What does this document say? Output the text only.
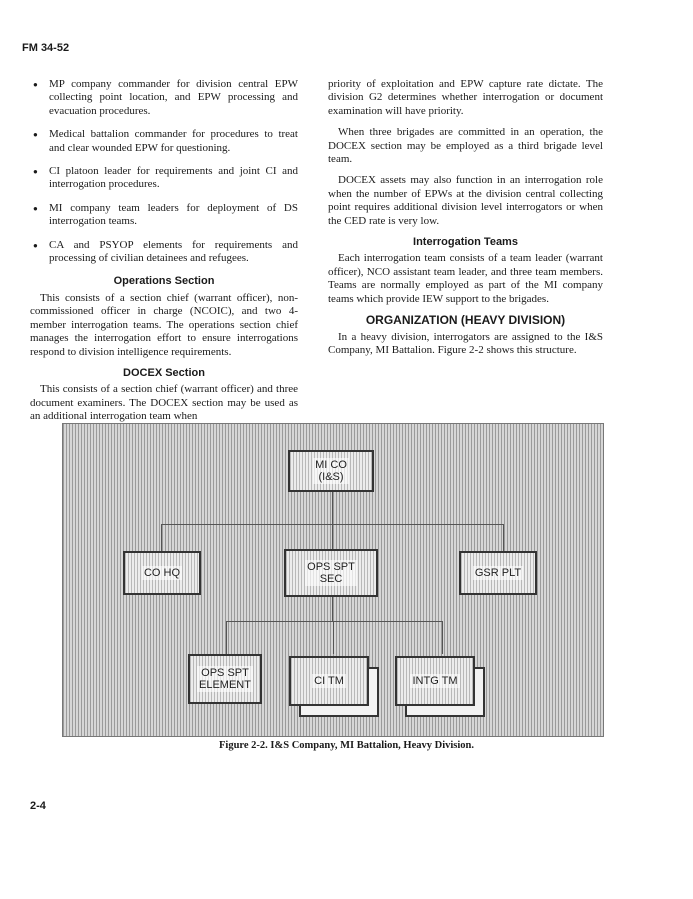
FM 34-52
● MP company commander for division central EPW collecting point location, and EPW processing and evacuation procedures.
● Medical battalion commander for procedures to treat and clear wounded EPW for questioning.
● CI platoon leader for requirements and joint CI and interrogation procedures.
● MI company team leaders for deployment of DS interrogation teams.
● CA and PSYOP elements for requirements and processing of civilian detainees and refugees.
Operations Section

This consists of a section chief (warrant officer), non-commissioned officer in charge (NCOIC), and two 4-member interrogation teams. The operations section chief manages the interrogation effort to ensure interrogations respond to division intelligence requirements.

DOCEX Section

This consists of a section chief (warrant officer) and three document examiners. The DOCEX section may be used as an additional interrogation team when

priority of exploitation and EPW capture rate dictate. The division G2 determines whether interrogation or document examination will have priority.

When three brigades are committed in an operation, the DOCEX section may be employed as a third brigade level team.

DOCEX assets may also function in an interrogation role when the number of EPWs at the division central collecting point requires additional division level interrogators or when the CED rate is very low.

Interrogation Teams

Each interrogation team consists of a team leader (warrant officer), NCO assistant team leader, and three team members. Teams are normally employed as part of the MI company teams which provide IEW support to the brigades.

ORGANIZATION (HEAVY DIVISION)

In a heavy division, interrogators are assigned to the I&S Company, MI Battalion. Figure 2-2 shows this structure.

MI CO
(I&S)
CO HQ	OPS SPT
SEC	GSR PLT
OPS SPT
ELEMENT	CI TM	INTG TM
Figure 2-2. I&S Company, MI Battalion, Heavy Division.
2-4
